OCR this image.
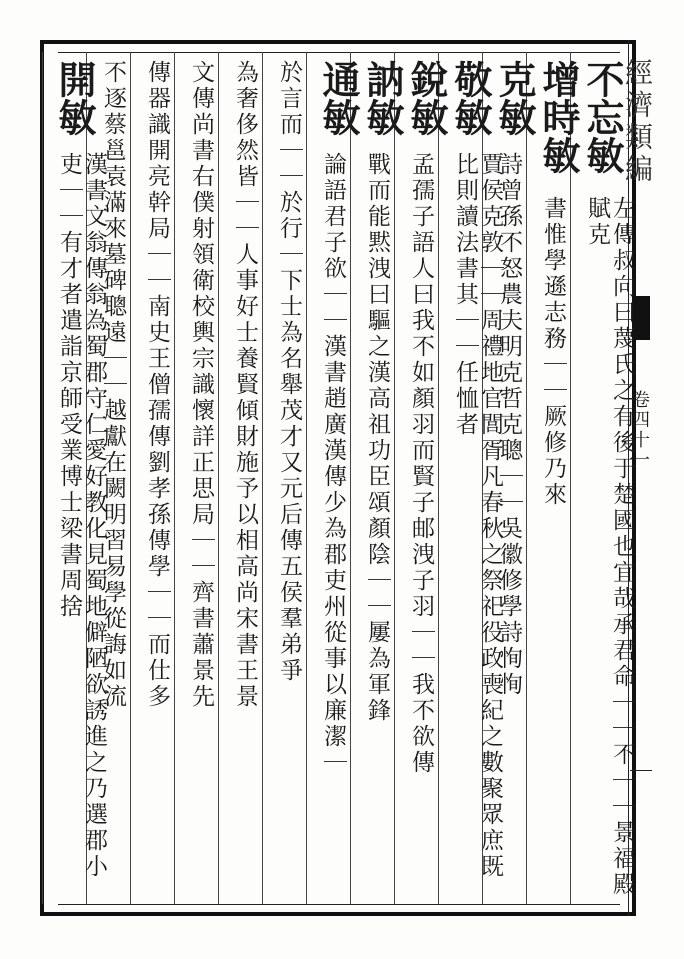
經濟類編
卷四十一
不忘敏
左傳叔向曰蔑氏之有後于楚國也宜哉承君命｜｜不｜｜景福殿賦克
增時敏
書惟學遜志務｜｜厥修乃來
克敏
詩曾孫不怒農夫明克哲克聰｜｜吳徽修學詩恂恂
敬敏
賈侯克敦｜｜周禮地官閭胥凡春秋之祭祀役政喪紀之數聚眾庶既比則讀法書其｜｜任恤者
銳敏
孟孺子語人曰我不如顏羽而賢子邮洩子羽｜｜我不欲傳
訥敏
戰而能黙洩曰驅之漢高祖功臣頌顏陰｜｜屢為軍鋒
通敏
論語君子欲｜｜漢書趙廣漢傳少為郡吏州從事以廉潔｜
於言而｜｜於行｜下士為名舉茂才又元后傳五侯羣弟爭
為奢侈然皆｜｜人事好士養賢傾財施予以相高尚宋書王景
文傳尚書右僕射領衛校輿宗識懷詳正思局｜｜齊書蕭景先
傳器識開亮幹局｜｜南史王僧孺傳劉孝孫傳學｜｜而仕多
不逐蔡邕袁滿來墓碑聰遠｜｜越獻在闕明習易學從誨如流
開敏
漢書文翁傳翁為蜀郡守仁愛好教化見蜀地僻陋欲誘進之乃選郡小吏｜｜有才者遣詣京師受業博士梁書周捨
